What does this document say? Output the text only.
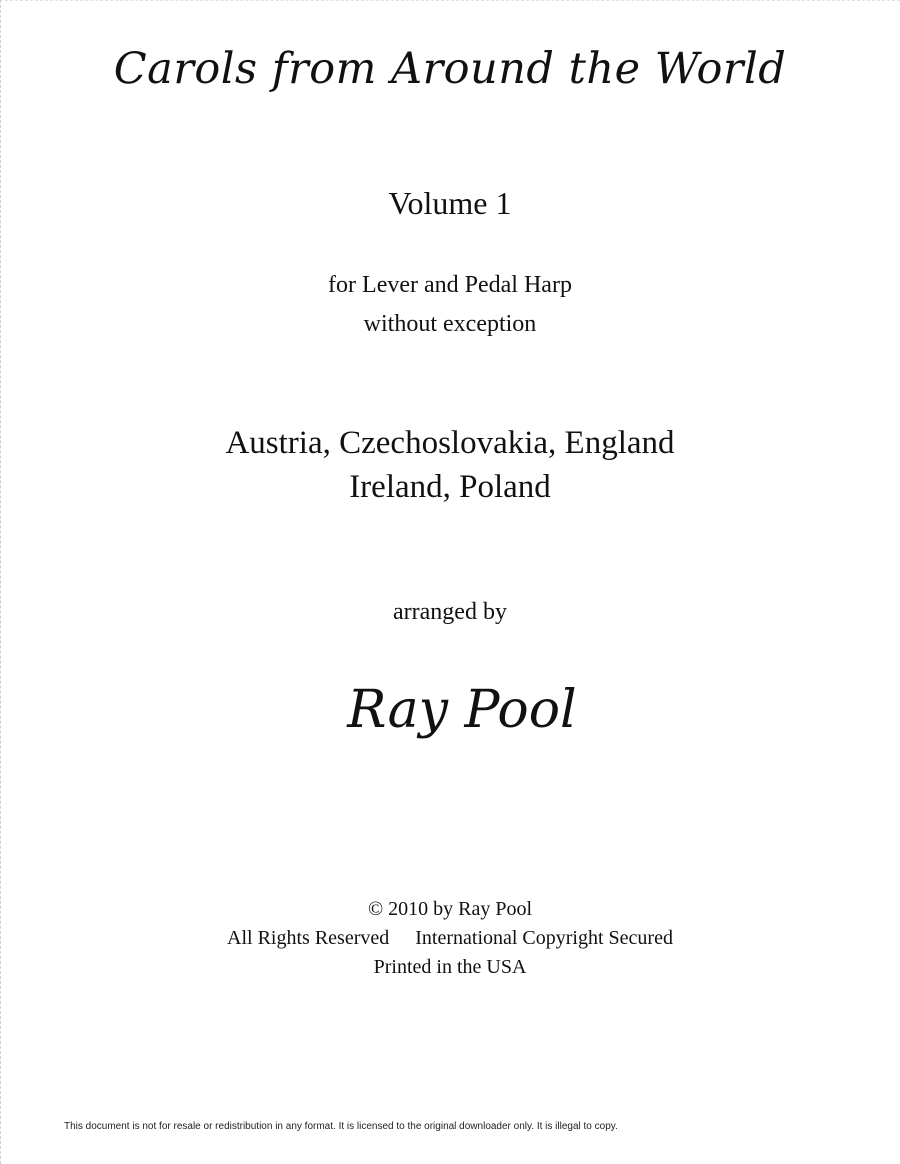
Carols from Around the World
Volume 1
for Lever and Pedal Harp
without exception
Austria, Czechoslovakia, England
Ireland, Poland
arranged by
Ray Pool
© 2010 by Ray Pool
All Rights Reserved International Copyright Secured
Printed in the USA
This document is not for resale or redistribution in any format. It is licensed to the original downloader only. It is illegal to copy.
